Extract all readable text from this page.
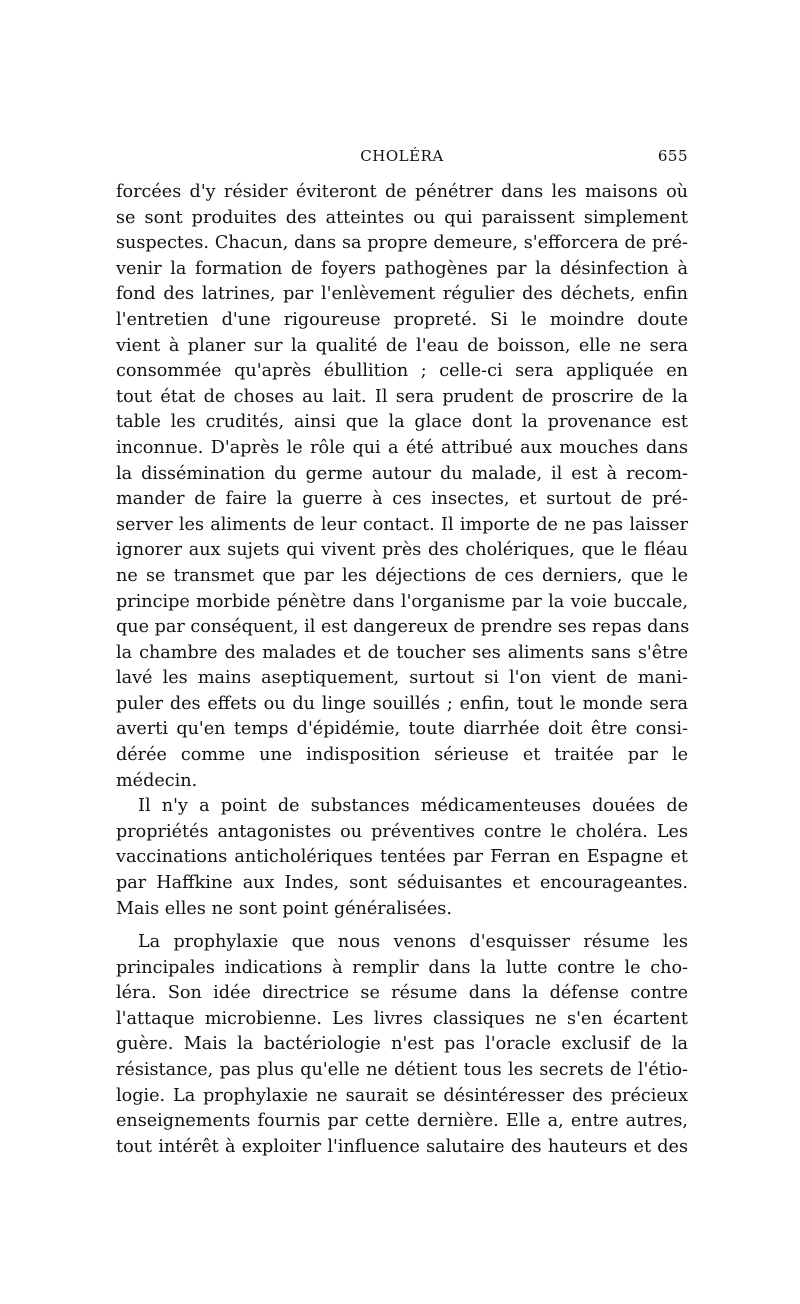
CHOLÉRA	655

forcées d'y résider éviteront de pénétrer dans les maisons où
se sont produites des atteintes ou qui paraissent simplement
suspectes. Chacun, dans sa propre demeure, s'efforcera de pré-
venir la formation de foyers pathogènes par la désinfection à
fond des latrines, par l'enlèvement régulier des déchets, enfin
l'entretien d'une rigoureuse propreté. Si le moindre doute
vient à planer sur la qualité de l'eau de boisson, elle ne sera
consommée qu'après ébullition ; celle-ci sera appliquée en
tout état de choses au lait. Il sera prudent de proscrire de la
table les crudités, ainsi que la glace dont la provenance est
inconnue. D'après le rôle qui a été attribué aux mouches dans
la dissémination du germe autour du malade, il est à recom-
mander de faire la guerre à ces insectes, et surtout de pré-
server les aliments de leur contact. Il importe de ne pas laisser
ignorer aux sujets qui vivent près des cholériques, que le fléau
ne se transmet que par les déjections de ces derniers, que le
principe morbide pénètre dans l'organisme par la voie buccale,
que par conséquent, il est dangereux de prendre ses repas dans
la chambre des malades et de toucher ses aliments sans s'être
lavé les mains aseptiquement, surtout si l'on vient de mani-
puler des effets ou du linge souillés ; enfin, tout le monde sera
averti qu'en temps d'épidémie, toute diarrhée doit être consi-
dérée comme une indisposition sérieuse et traitée par le
médecin.

Il n'y a point de substances médicamenteuses douées de
propriétés antagonistes ou préventives contre le choléra. Les
vaccinations anticholériques tentées par Ferran en Espagne et
par Haffkine aux Indes, sont séduisantes et encourageantes.
Mais elles ne sont point généralisées.

La prophylaxie que nous venons d'esquisser résume les
principales indications à remplir dans la lutte contre le cho-
léra. Son idée directrice se résume dans la défense contre
l'attaque microbienne. Les livres classiques ne s'en écartent
guère. Mais la bactériologie n'est pas l'oracle exclusif de la
résistance, pas plus qu'elle ne détient tous les secrets de l'étio-
logie. La prophylaxie ne saurait se désintéresser des précieux
enseignements fournis par cette dernière. Elle a, entre autres,
tout intérêt à exploiter l'influence salutaire des hauteurs et des
